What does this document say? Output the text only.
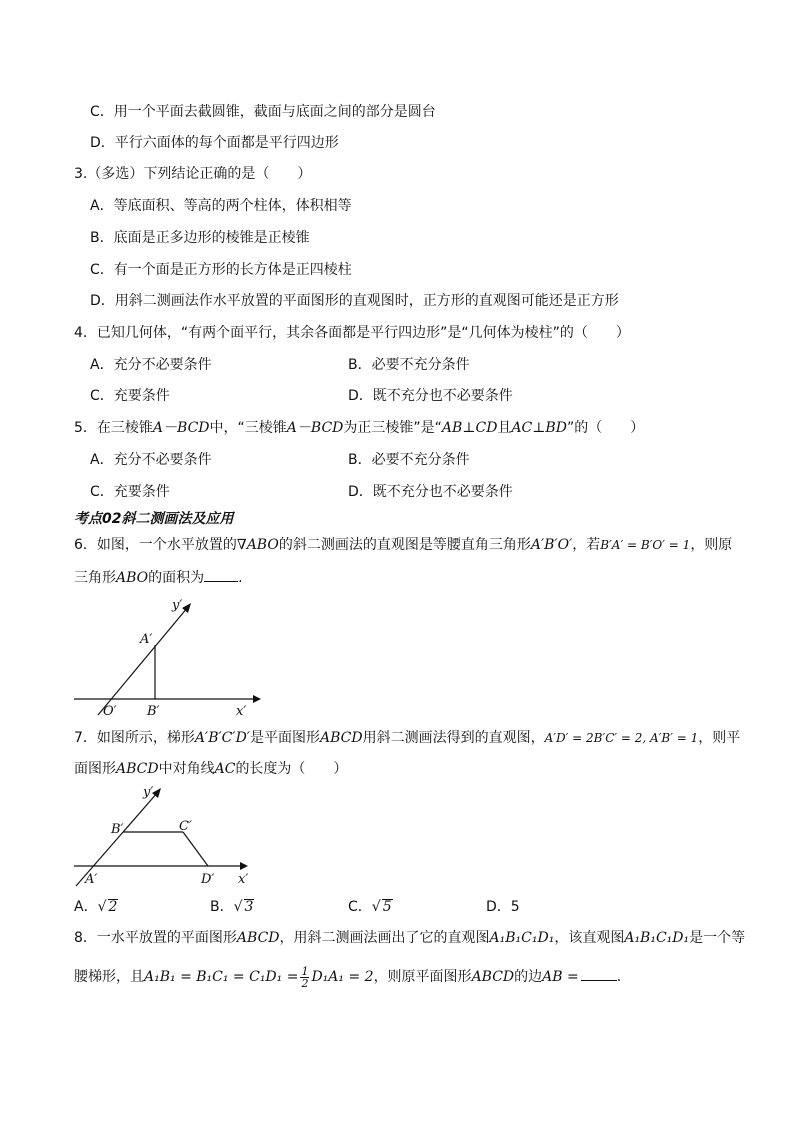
C．用一个平面去截圆锥，截面与底面之间的部分是圆台
D．平行六面体的每个面都是平行四边形
3.（多选）下列结论正确的是（　　）
A．等底面积、等高的两个柱体，体积相等
B．底面是正多边形的棱锥是正棱锥
C．有一个面是正方形的长方体是正四棱柱
D．用斜二测画法作水平放置的平面图形的直观图时，正方形的直观图可能还是正方形
4．已知几何体，“有两个面平行，其余各面都是平行四边形”是“几何体为棱柱”的（　　）
A．充分不必要条件	B．必要不充分条件
C．充要条件	D．既不充分也不必要条件
5．在三棱锥A－BCD中，“三棱锥A－BCD为正三棱锥”是“AB⊥CD且AC⊥BD”的（　　）
A．充分不必要条件	B．必要不充分条件
C．充要条件	D．既不充分也不必要条件
考点02斜二测画法及应用
6．如图，一个水平放置的∇ABO的斜二测画法的直观图是等腰直角三角形A′B′O′，若B′A′ = B′O′ = 1，则原
三角形ABO的面积为 .
y′
A′
O′ B′	x′
7．如图所示，梯形A′B′C′D′是平面图形ABCD用斜二测画法得到的直观图，A′D′ = 2B′C′ = 2, A′B′ = 1，则平
面图形ABCD中对角线AC的长度为（　　）
y′
B′	C′
A′	D′ x′
A．√ 2	B．√ 3	C．√ 5	D．5
8．一水平放置的平面图形ABCD，用斜二测画法画出了它的直观图A₁B₁C₁D₁，该直观图A₁B₁C₁D₁是一个等
腰梯形，且$A_1B_1 = B_1C_1 = C_1D_1 = \frac{1}{2} D_1A_1 = 2$，则原平面图形ABCD的边AB =	.
